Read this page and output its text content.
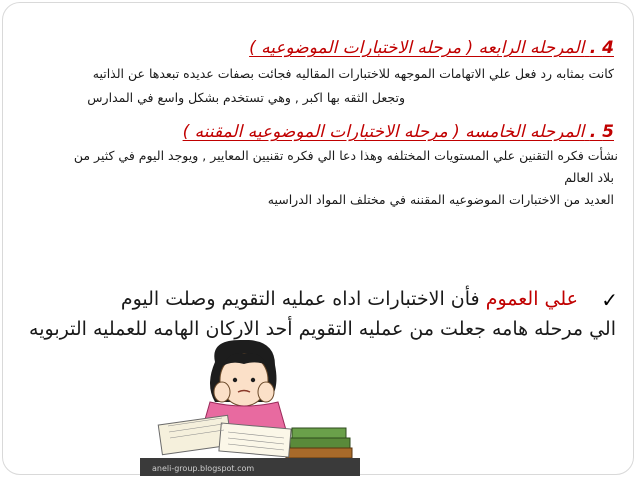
4 . المرحله الرابعه ( مرحله الاختبارات الموضوعيه )
كانت بمثابه رد فعل علي الاتهامات الموجهه للاختبارات المقاليه فجائت بصفات عديده تبعدها عن الذاتيه
وتجعل الثقه بها اكبر , وهي تستخدم بشكل واسع في المدارس
5 . المرحله الخامسه ( مرحله الاختبارات الموضوعيه المقننه )
نشأت فكره التقنين علي المستويات المختلفه وهذا دعا الي فكره تقنيين المعايير , ويوجد اليوم في كثير من
بلاد العالم
العديد من الاختبارات الموضوعيه المقننه في مختلف المواد الدراسيه
✓
علي العموم فأن الاختبارات اداه عمليه التقويم وصلت اليوم
الي مرحله هامه جعلت من عمليه التقويم أحد الاركان الهامه للعمليه التربويه
aneli-group.blogspot.com
